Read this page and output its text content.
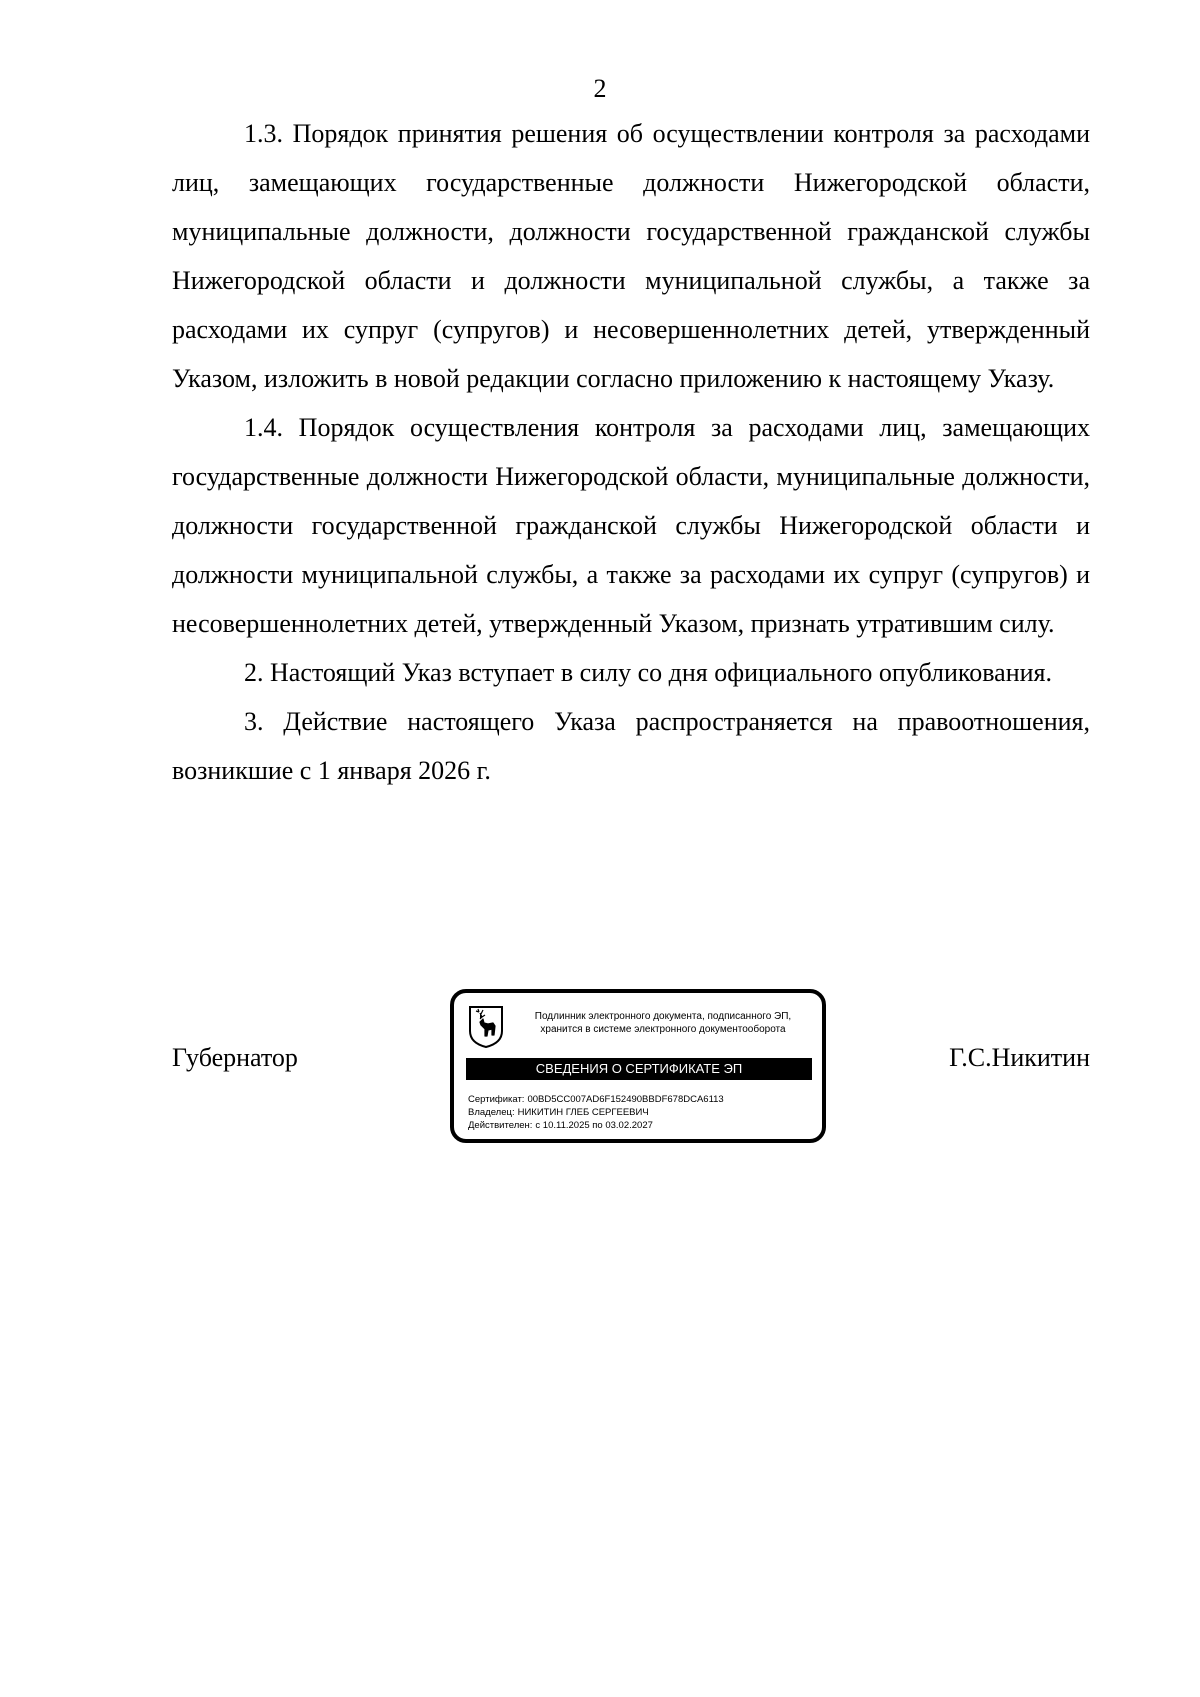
2

1.3. Порядок принятия решения об осуществлении контроля за расходами лиц, замещающих государственные должности Нижегородской области, муниципальные должности, должности государственной гражданской службы Нижегородской области и должности муниципальной службы, а также за расходами их супруг (супругов) и несовершеннолетних детей, утвержденный Указом, изложить в новой редакции согласно приложению к настоящему Указу.

1.4. Порядок осуществления контроля за расходами лиц, замещающих государственные должности Нижегородской области, муниципальные должности, должности государственной гражданской службы Нижегородской области и должности муниципальной службы, а также за расходами их супруг (супругов) и несовершеннолетних детей, утвержденный Указом, признать утратившим силу.

2. Настоящий Указ вступает в силу со дня официального опубликования.

3. Действие настоящего Указа распространяется на правоотношения, возникшие с 1 января 2026 г.

Губернатор
Подлинник электронного документа, подписанного ЭП,
хранится в системе электронного документооборота
СВЕДЕНИЯ О СЕРТИФИКАТЕ ЭП
Сертификат: 00BD5CC007AD6F152490BBDF678DCA6113
Владелец: НИКИТИН ГЛЕБ СЕРГЕЕВИЧ
Действителен: с 10.11.2025 по 03.02.2027
Г.С.Никитин
